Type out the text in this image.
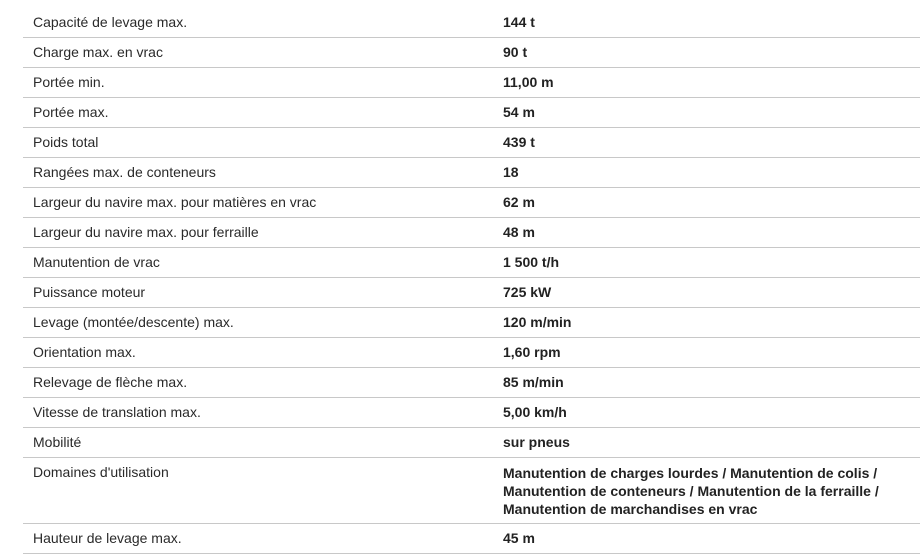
Capacité de levage max.	144 t
Charge max. en vrac	90 t
Portée min.	11,00 m
Portée max.	54 m
Poids total	439 t
Rangées max. de conteneurs	18
Largeur du navire max. pour matières en vrac	62 m
Largeur du navire max. pour ferraille	48 m
Manutention de vrac	1 500 t/h
Puissance moteur	725 kW
Levage (montée/descente) max.	120 m/min
Orientation max.	1,60 rpm
Relevage de flèche max.	85 m/min
Vitesse de translation max.	5,00 km/h
Mobilité	sur pneus
Domaines d'utilisation	Manutention de charges lourdes / Manutention de colis /
Manutention de conteneurs / Manutention de la ferraille /
Manutention de marchandises en vrac
Hauteur de levage max.	45 m
